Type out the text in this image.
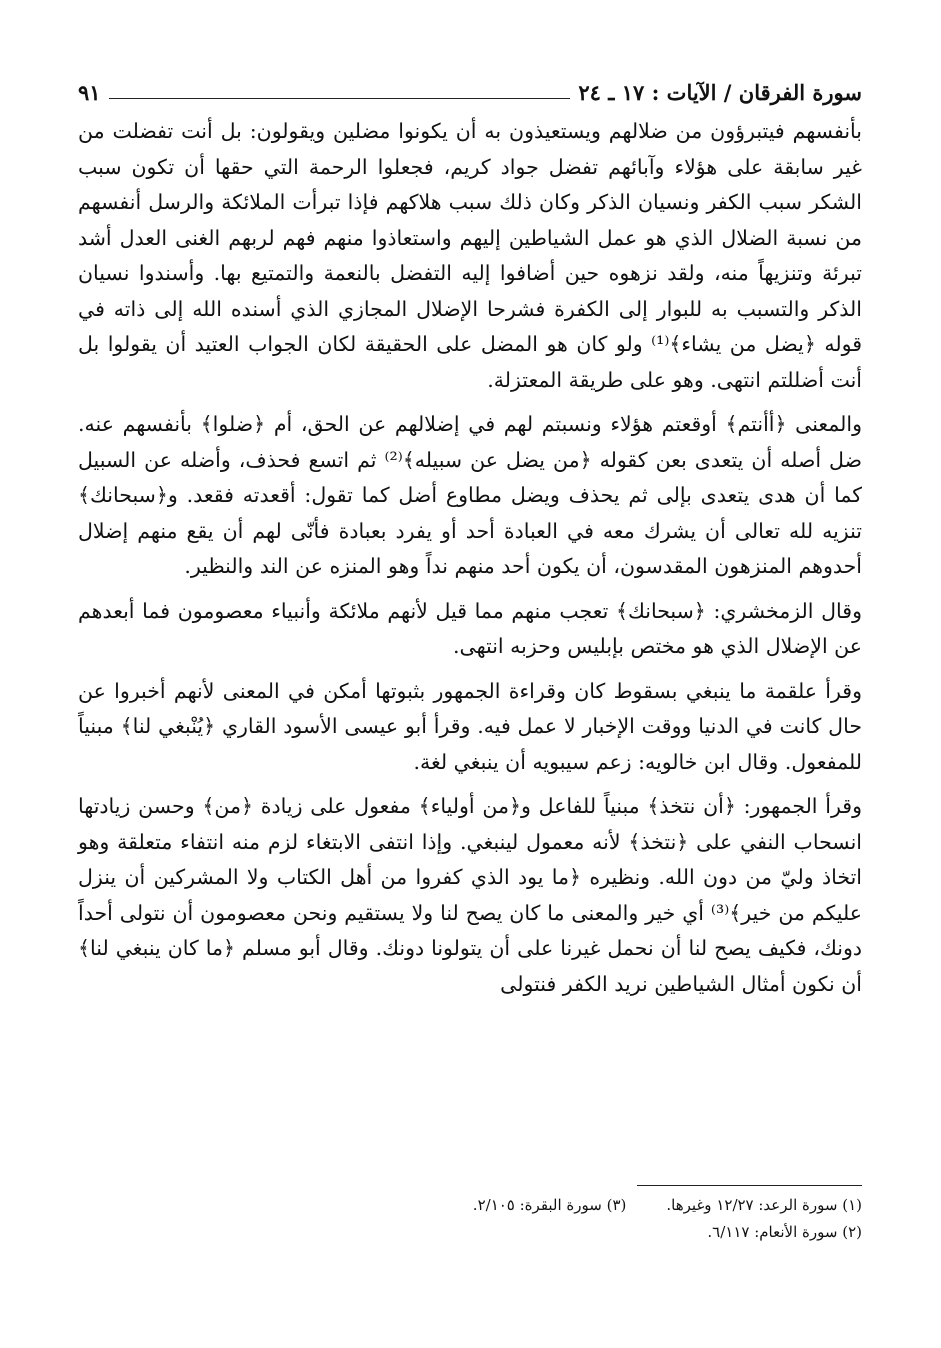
سورة الفرقان / الآيات : ١٧ ـ ٢٤
٩١

بأنفسهم فيتبرؤون من ضلالهم ويستعيذون به أن يكونوا مضلين ويقولون: بل أنت تفضلت من غير سابقة على هؤلاء وآبائهم تفضل جواد كريم، فجعلوا الرحمة التي حقها أن تكون سبب الشكر سبب الكفر ونسيان الذكر وكان ذلك سبب هلاكهم فإذا تبرأت الملائكة والرسل أنفسهم من نسبة الضلال الذي هو عمل الشياطين إليهم واستعاذوا منهم فهم لربهم الغنى العدل أشد تبرئة وتنزيهاً منه، ولقد نزهوه حين أضافوا إليه التفضل بالنعمة والتمتيع بها. وأسندوا نسيان الذكر والتسبب به للبوار إلى الكفرة فشرحا الإضلال المجازي الذي أسنده الله إلى ذاته في قوله ﴿يضل من يشاء﴾⁽¹⁾ ولو كان هو المضل على الحقيقة لكان الجواب العتيد أن يقولوا بل أنت أضللتم انتهى. وهو على طريقة المعتزلة.

والمعنى ﴿أأنتم﴾ أوقعتم هؤلاء ونسبتم لهم في إضلالهم عن الحق، أم ﴿ضلوا﴾ بأنفسهم عنه. ضل أصله أن يتعدى بعن كقوله ﴿من يضل عن سبيله﴾⁽²⁾ ثم اتسع فحذف، وأضله عن السبيل كما أن هدى يتعدى بإلى ثم يحذف ويضل مطاوع أضل كما تقول: أقعدته فقعد. و﴿سبحانك﴾ تنزيه لله تعالى أن يشرك معه في العبادة أحد أو يفرد بعبادة فأنّى لهم أن يقع منهم إضلال أحدوهم المنزهون المقدسون، أن يكون أحد منهم نداً وهو المنزه عن الند والنظير.

وقال الزمخشري: ﴿سبحانك﴾ تعجب منهم مما قيل لأنهم ملائكة وأنبياء معصومون فما أبعدهم عن الإضلال الذي هو مختص بإبليس وحزبه انتهى.

وقرأ علقمة ما ينبغي بسقوط كان وقراءة الجمهور بثبوتها أمكن في المعنى لأنهم أخبروا عن حال كانت في الدنيا ووقت الإخبار لا عمل فيه. وقرأ أبو عيسى الأسود القاري ﴿يُنْبغي لنا﴾ مبنياً للمفعول. وقال ابن خالويه: زعم سيبويه أن ينبغي لغة.

وقرأ الجمهور: ﴿أن نتخذ﴾ مبنياً للفاعل و﴿من أولياء﴾ مفعول على زيادة ﴿من﴾ وحسن زيادتها انسحاب النفي على ﴿نتخذ﴾ لأنه معمول لينبغي. وإذا انتفى الابتغاء لزم منه انتفاء متعلقة وهو اتخاذ وليّ من دون الله. ونظيره ﴿ما يود الذي كفروا من أهل الكتاب ولا المشركين أن ينزل عليكم من خير﴾⁽³⁾ أي خير والمعنى ما كان يصح لنا ولا يستقيم ونحن معصومون أن نتولى أحداً دونك، فكيف يصح لنا أن نحمل غيرنا على أن يتولونا دونك. وقال أبو مسلم ﴿ما كان ينبغي لنا﴾ أن نكون أمثال الشياطين نريد الكفر فنتولى

(١) سورة الرعد: ١٢/٢٧ وغيرها.
(٣) سورة البقرة: ٢/١٠٥.
(٢) سورة الأنعام: ٦/١١٧.
